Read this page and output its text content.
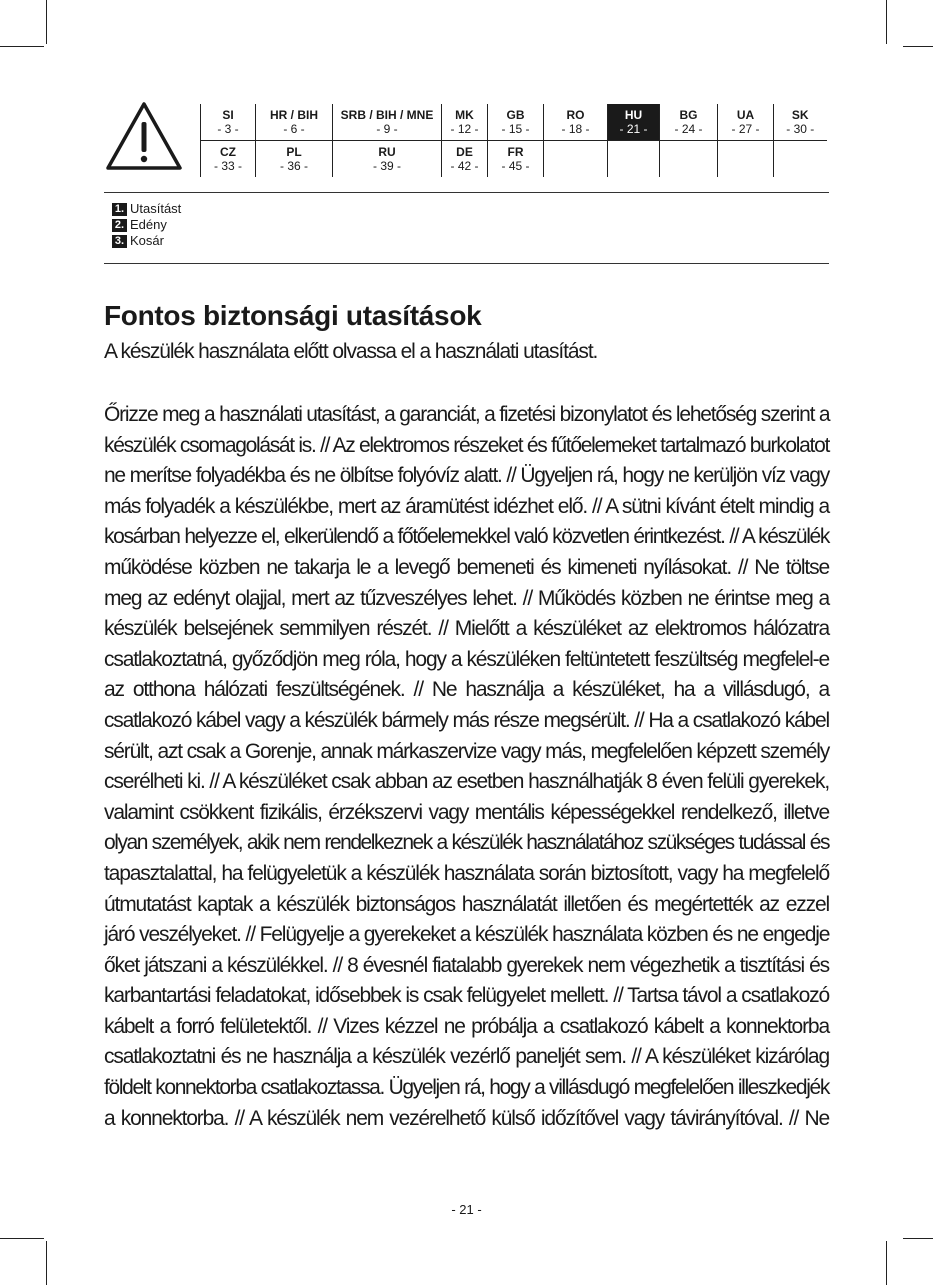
SI
- 3 -	HR / BIH
- 6 -	SRB / BIH / MNE
- 9 -	MK
- 12 -	GB
- 15 -	RO
- 18 -	HU
- 21 -	BG
- 24 -	UA
- 27 -	SK
- 30 -

CZ
- 33 -	PL
- 36 -	RU
- 39 -	DE
- 42 -	FR
- 45 -					

1. Utasítást
2. Edény
3. Kosár
Fontos biztonsági utasítások

A készülék használata előtt olvassa el a használati utasítást.

Őrizze meg a használati utasítást, a garanciát, a fizetési bizonylatot és lehetőség szerint a
készülék csomagolását is. // Az elektromos részeket és fűtőelemeket tartalmazó burkolatot
ne merítse folyadékba és ne ölbítse folyóvíz alatt. // Ügyeljen rá, hogy ne kerüljön víz vagy
más folyadék a készülékbe, mert az áramütést idézhet elő. // A sütni kívánt ételt mindig a
kosárban helyezze el, elkerülendő a főtőelemekkel való közvetlen érintkezést. // A készülék
működése közben ne takarja le a levegő bemeneti és kimeneti nyílásokat. // Ne töltse
meg az edényt olajjal, mert az tűzveszélyes lehet. // Működés közben ne érintse meg a
készülék belsejének semmilyen részét. // Mielőtt a készüléket az elektromos hálózatra
csatlakoztatná, győződjön meg róla, hogy a készüléken feltüntetett feszültség megfelel-e
az otthona hálózati feszültségének. // Ne használja a készüléket, ha a villásdugó, a
csatlakozó kábel vagy a készülék bármely más része megsérült. // Ha a csatlakozó kábel
sérült, azt csak a Gorenje, annak márkaszervize vagy más, megfelelően képzett személy
cserélheti ki. // A készüléket csak abban az esetben használhatják 8 éven felüli gyerekek,
valamint csökkent fizikális, érzékszervi vagy mentális képességekkel rendelkező, illetve
olyan személyek, akik nem rendelkeznek a készülék használatához szükséges tudással és
tapasztalattal, ha felügyeletük a készülék használata során biztosított, vagy ha megfelelő
útmutatást kaptak a készülék biztonságos használatát illetően és megértették az ezzel
járó veszélyeket. // Felügyelje a gyerekeket a készülék használata közben és ne engedje
őket játszani a készülékkel. // 8 évesnél fiatalabb gyerekek nem végezhetik a tisztítási és
karbantartási feladatokat, idősebbek is csak felügyelet mellett. // Tartsa távol a csatlakozó
kábelt a forró felületektől. // Vizes kézzel ne próbálja a csatlakozó kábelt a konnektorba
csatlakoztatni és ne használja a készülék vezérlő paneljét sem. // A készüléket kizárólag
földelt konnektorba csatlakoztassa. Ügyeljen rá, hogy a villásdugó megfelelően illeszkedjék
a konnektorba. // A készülék nem vezérelhető külső időzítővel vagy távirányítóval. // Ne
- 21 -
